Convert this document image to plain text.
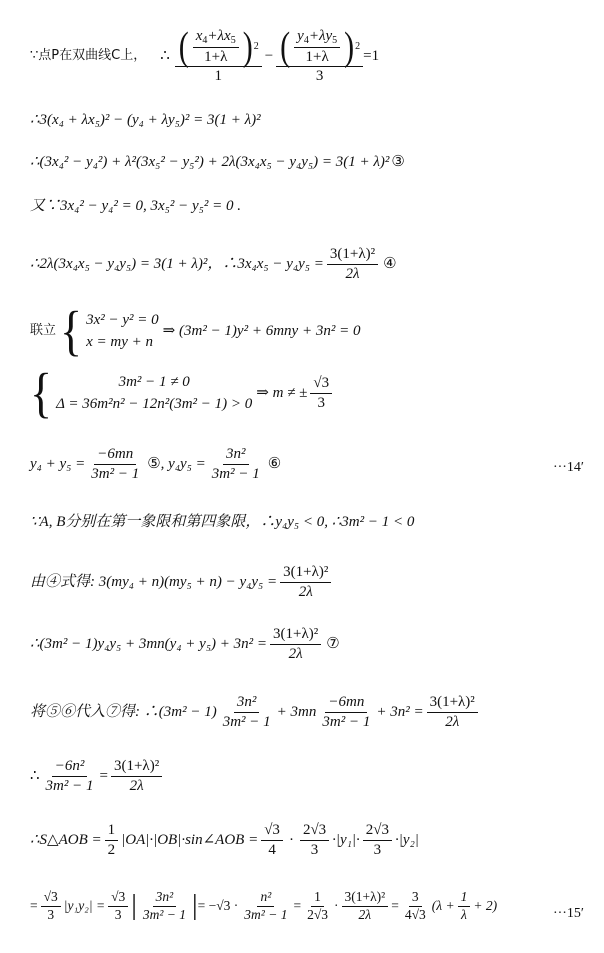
∵点P在双曲线C上， ∴ $\frac{( \frac{x_4+\lambda x_5}{1+\lambda} ) 2}{1} - \frac{( \frac{y_4+\lambda y_5}{1+\lambda} ) 2}{3} =1$
∴3(x₄ + λx₅)² − (y₄ + λy₅)² = 3(1 + λ)²
∴(3x₄² − y₄²) + λ²(3x₅² − y₅²) + 2λ(3x₄x₅ − y₄y₅) = 3(1 + λ)² ③
又∵3x₄² − y₄² = 0, 3x₅² − y₅² = 0 .
∴2λ(3x₄x₅ − y₄y₅) = 3(1 + λ)²，∴3x₄x₅ − $y_4y_5 = \frac{\text{3(1+λ)²}}{2\lambda}$ ④
联立 { 3x² − y² = 0
x = my + n
⇒ (3m² − 1)y² + 6mny + 3n² = 0
{	3m² − 1 ≠ 0
Δ = 36m²n² − 12n²(3m² − 1) > 0
⇒ m ≠ ± $\frac{√3}{3}$
$y_4 + y_5 = \frac{-6mn}{\text{3m² − 1}}$ ⑤ , $y_4y_5 = \frac{\text{3n²}}{\text{3m² − 1}}$ ⑥	···14′
∵A, B分别在第一象限和第四象限，∴y₄y₅ < 0, ∴3m² − 1 < 0
由④式得: $3(my_4 + n)(my_5 + n) - y_4y_5 = \frac{\text{3(1+λ)²}}{2\lambda}$
∴(3m² − $1)y_4y_5 + 3mn(y_4 + y_5) + 3n^2 = \frac{\text{3(1+λ)²}}{2\lambda}$ ⑦
将⑤⑥代入⑦得: ∴(3m² − $1) \frac{\text{3n²}}{\text{3m² − 1}} + 3mn \frac{-6mn}{\text{3m² − 1}} + 3n^2 = \frac{\text{3(1+λ)²}}{2\lambda}$
∴ $\frac{\text{−6n²}}{\text{3m² − 1}} = \frac{\text{3(1+λ)²}}{2\lambda}$
∴S△AOB = $\frac{1}{2}$ |OA|·|OB|·sin∠AOB = $\frac{√3}{4} \cdot \frac{2√3}{3} \cdot|y_1|\cdot \frac{2√3}{3} \cdot|y_2|$
= $\frac{√3}{3} |y_1y_2| = \frac{√3}{3}$ | $\frac{\text{3n²}}{\text{3m² − 1}}$ | = $-√3 \cdot \frac{\text{n²}}{\text{3m² − 1}} = \frac{1}{2√3} \cdot \frac{\text{3(1+λ)²}}{2\lambda} = \frac{3}{4√3} (\lambda + \frac{1}{\lambda} + 2)$
···15′
